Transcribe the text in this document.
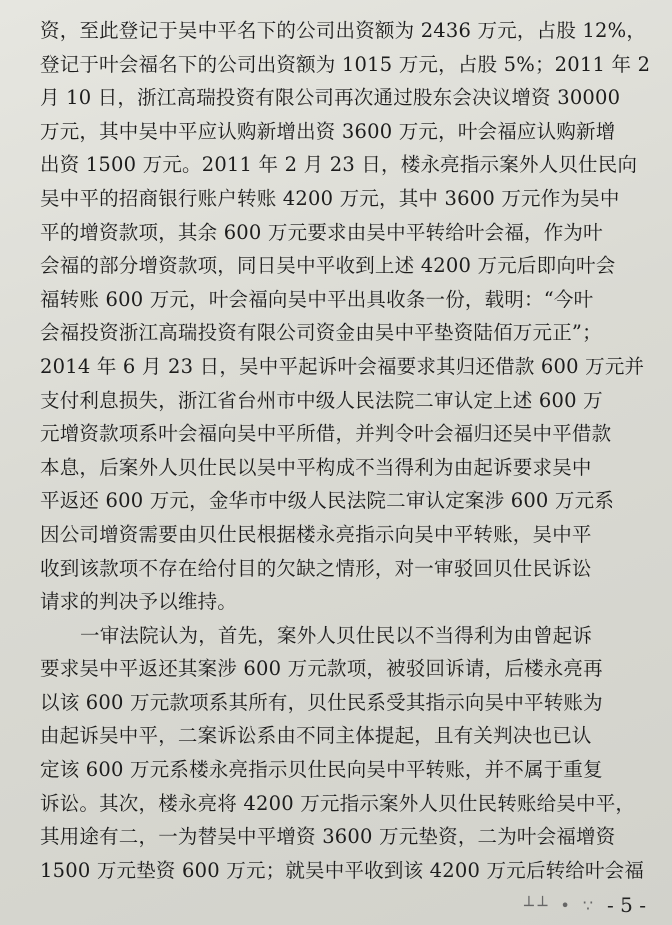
资，至此登记于吴中平名下的公司出资额为 2436 万元，占股 12%，
登记于叶会福名下的公司出资额为 1015 万元，占股 5%；2011 年 2
月 10 日，浙江高瑞投资有限公司再次通过股东会决议增资 30000
万元，其中吴中平应认购新增出资 3600 万元，叶会福应认购新增
出资 1500 万元。2011 年 2 月 23 日，楼永亮指示案外人贝仕民向
吴中平的招商银行账户转账 4200 万元，其中 3600 万元作为吴中
平的增资款项，其余 600 万元要求由吴中平转给叶会福，作为叶
会福的部分增资款项，同日吴中平收到上述 4200 万元后即向叶会
福转账 600 万元，叶会福向吴中平出具收条一份，载明：“今叶
会福投资浙江高瑞投资有限公司资金由吴中平垫资陆佰万元正”；
2014 年 6 月 23 日，吴中平起诉叶会福要求其归还借款 600 万元并
支付利息损失，浙江省台州市中级人民法院二审认定上述 600 万
元增资款项系叶会福向吴中平所借，并判令叶会福归还吴中平借款
本息，后案外人贝仕民以吴中平构成不当得利为由起诉要求吴中
平返还 600 万元，金华市中级人民法院二审认定案涉 600 万元系
因公司增资需要由贝仕民根据楼永亮指示向吴中平转账，吴中平
收到该款项不存在给付目的欠缺之情形，对一审驳回贝仕民诉讼
请求的判决予以维持。
一审法院认为，首先，案外人贝仕民以不当得利为由曾起诉
要求吴中平返还其案涉 600 万元款项，被驳回诉请，后楼永亮再
以该 600 万元款项系其所有，贝仕民系受其指示向吴中平转账为
由起诉吴中平，二案诉讼系由不同主体提起，且有关判决也已认
定该 600 万元系楼永亮指示贝仕民向吴中平转账，并不属于重复
诉讼。其次，楼永亮将 4200 万元指示案外人贝仕民转账给吴中平，
其用途有二，一为替吴中平增资 3600 万元垫资，二为叶会福增资
1500 万元垫资 600 万元；就吴中平收到该 4200 万元后转给叶会福
┴┴ • ∵ - 5 -
